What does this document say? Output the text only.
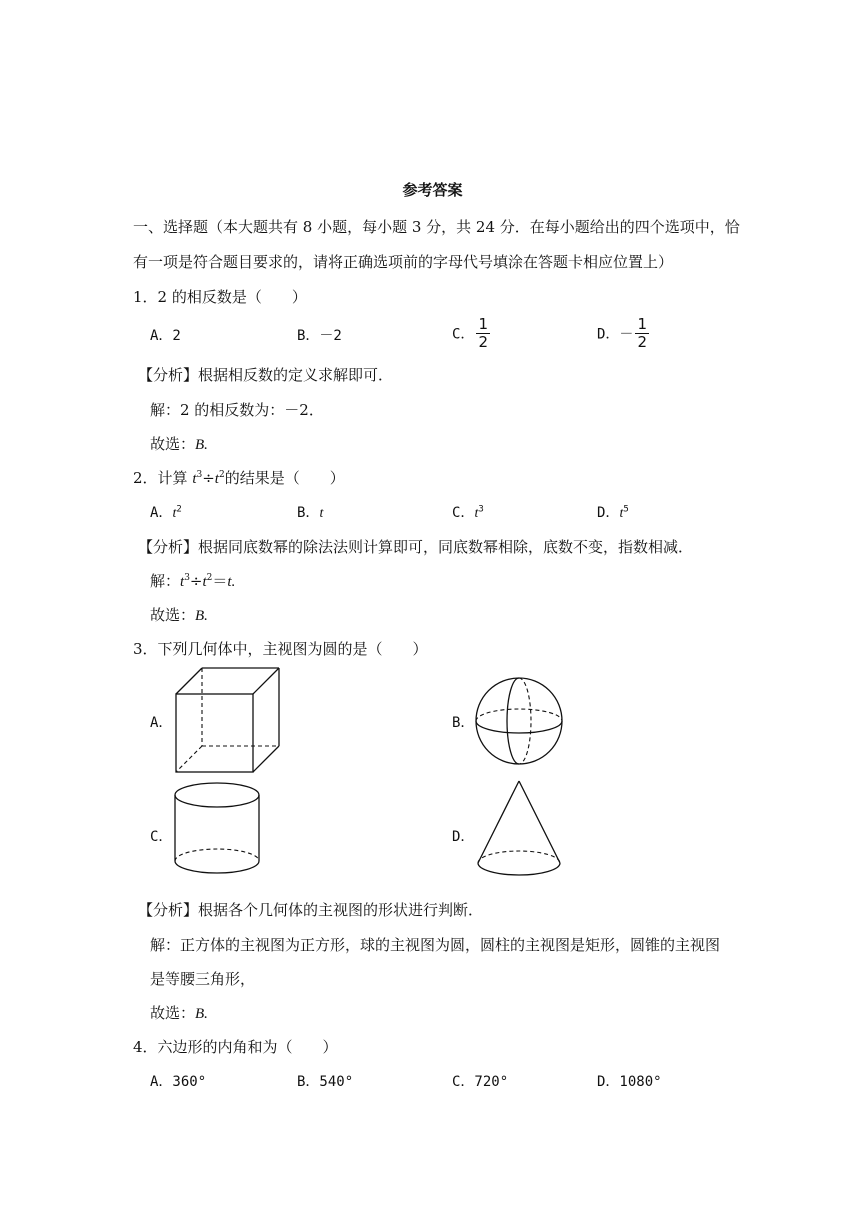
参考答案
一、选择题（本大题共有 8 小题，每小题 3 分，共 24 分．在每小题给出的四个选项中，恰
有一项是符合题目要求的，请将正确选项前的字母代号填涂在答题卡相应位置上）
1．2 的相反数是（　　）
A．2	B．－2	C． $\frac{1}{2}$	D．－ $\frac{1}{2}$
【分析】根据相反数的定义求解即可．
解：2 的相反数为：－2．
故选：B.
2．计算 $t^3\div t^2$的结果是（　　）
A．$t^2$	B．t	C．$t^3$	D．$t^5$
【分析】根据同底数幂的除法法则计算即可，同底数幂相除，底数不变，指数相减．
解：$t^3\div t^2=t$.
故选：B.
3．下列几何体中，主视图为圆的是（　　）
A．	B．
C．	D．
【分析】根据各个几何体的主视图的形状进行判断．
解：正方体的主视图为正方形，球的主视图为圆，圆柱的主视图是矩形，圆锥的主视图
是等腰三角形，
故选：B.
4．六边形的内角和为（　　）
A．360°	B．540°	C．720°	D．1080°
